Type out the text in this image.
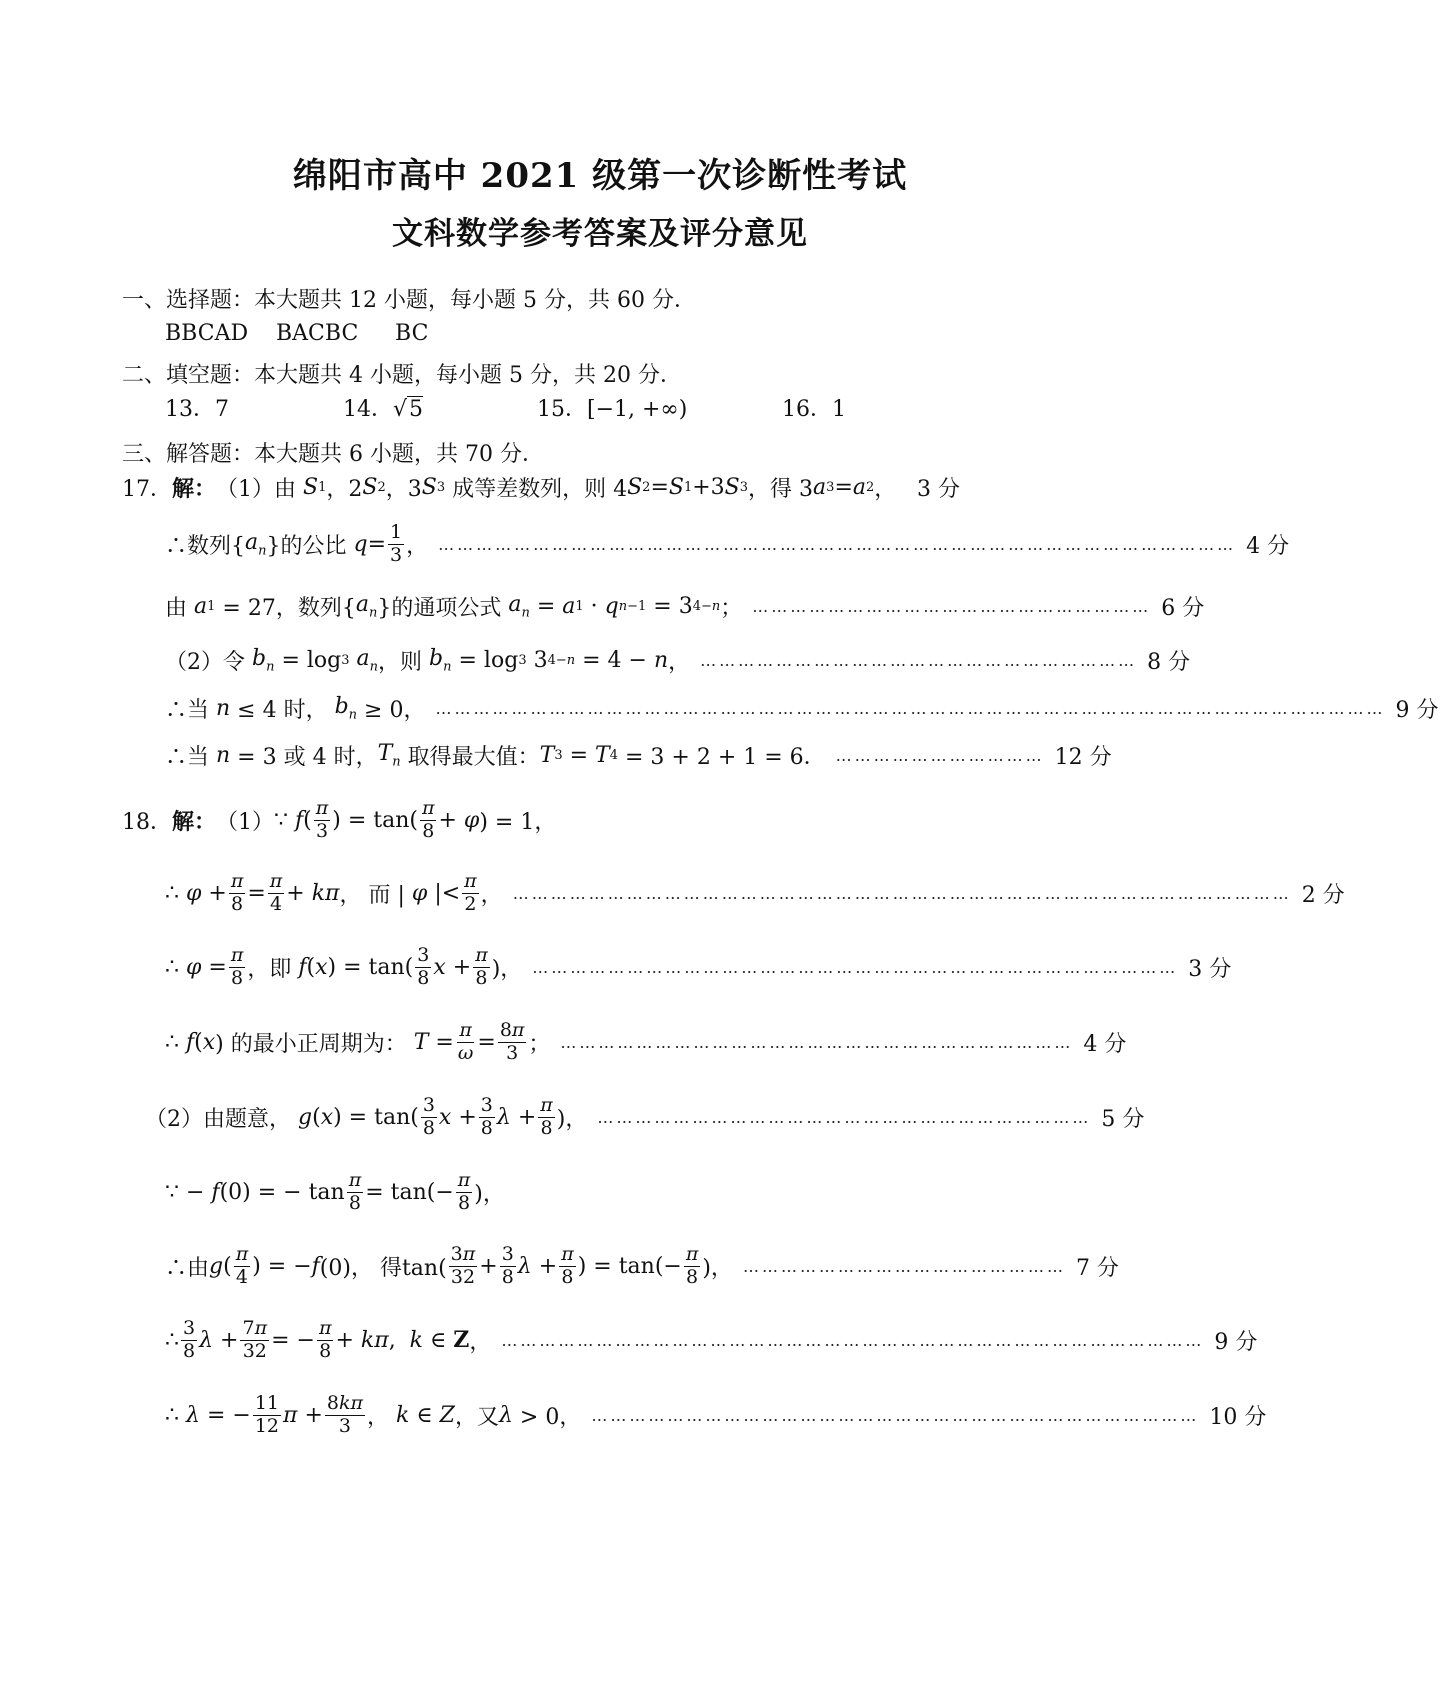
绵阳市高中 2021 级第一次诊断性考试
文科数学参考答案及评分意见
一、选择题：本大题共 12 小题，每小题 5 分，共 60 分．
BBCAD	BACBC	BC
二、填空题：本大题共 4 小题，每小题 5 分，共 20 分．
13．7	14．√5	15．[−1, +∞)	16．1
三、解答题：本大题共 6 小题，共 70 分．
17． 解： （1） 由 S 1 ，2 S 2 ，3 S 3 成等差数列，则 4 S 2 = S 1 +3 S 3 ，得 3 a 3 = a 2 ， 3 分
∴数列{ $a_n$ }的公比 $q = \frac{1}{3}$ ， ……………………………………………………………………………………………………………… 4 分
由 a 1 = 27，数列{ $a_n$ }的通项公式 $a_n = a$ 1 · q n −1 = 3 4− n ； ……………………………………………………… 6 分
（2） 令 $b_n = \log 3$
$a_n$ ，则 $b_n = \log 3$ 3 4− n = 4 − n ， …………………………………………………………… 8 分
∴当 n ≤ 4 时， $b_n \ge 0$， …………………………………………………………………………………………………………………………………… 9 分
∴当 n = 3 或 4 时， $T_n$ 取得最大值： T 3 = T 4 = 3 + 2 + 1 = 6． …………………………… 12 分
18． 解： （1） ∵ f ( $\frac{\pi}{3}$ ) = $\tan( \frac{\pi}{8} + \varphi$ ) = 1，
∴ $\varphi + \frac{\pi}{8} = \frac{\pi}{4} + k\pi$ ， 而 | φ |< $\frac{\pi}{2}$ ， …………………………………………………………………………………………………………… 2 分
∴ $\varphi = \frac{\pi}{8}$ ，即 f ( x ) = $\tan( \frac{3}{8}$ $x + \frac{\pi}{8}$ )， ………………………………………………………………………………………… 3 分
∴ f ( x ) 的最小正周期为： $T = \frac{\pi}{\omega} = \frac{8\pi}{3}$ ； ……………………………………………………………………… 4 分
（2） 由题意， g ( x ) = $\tan( \frac{3}{8}$ $x + \frac{3}{8}$ $\lambda + \frac{\pi}{8}$ )， …………………………………………………………………… 5 分
∵ − f (0) = − $\tan \frac{\pi}{8} = \tan(- \frac{\pi}{8}$ )，
∴由 g ( $\frac{\pi}{4}$ ) = − f (0)， 得$\tan( \frac{3\pi}{32} + \frac{3}{8}$ $\lambda + \frac{\pi}{8}$ ) = $\tan(- \frac{\pi}{8}$ )， …………………………………………… 7 分
∴ $\frac{3}{8}$ $\lambda + \frac{7\pi}{32}$ = − $\frac{\pi}{8} + k\pi$ , k ∈ Z ， ………………………………………………………………………………………………… 9 分
∴ λ = − $\frac{11}{12}$ $\pi + \frac{8k\pi}{3}$ ， k ∈ Z ，又 λ > 0， …………………………………………………………………………………… 10 分
